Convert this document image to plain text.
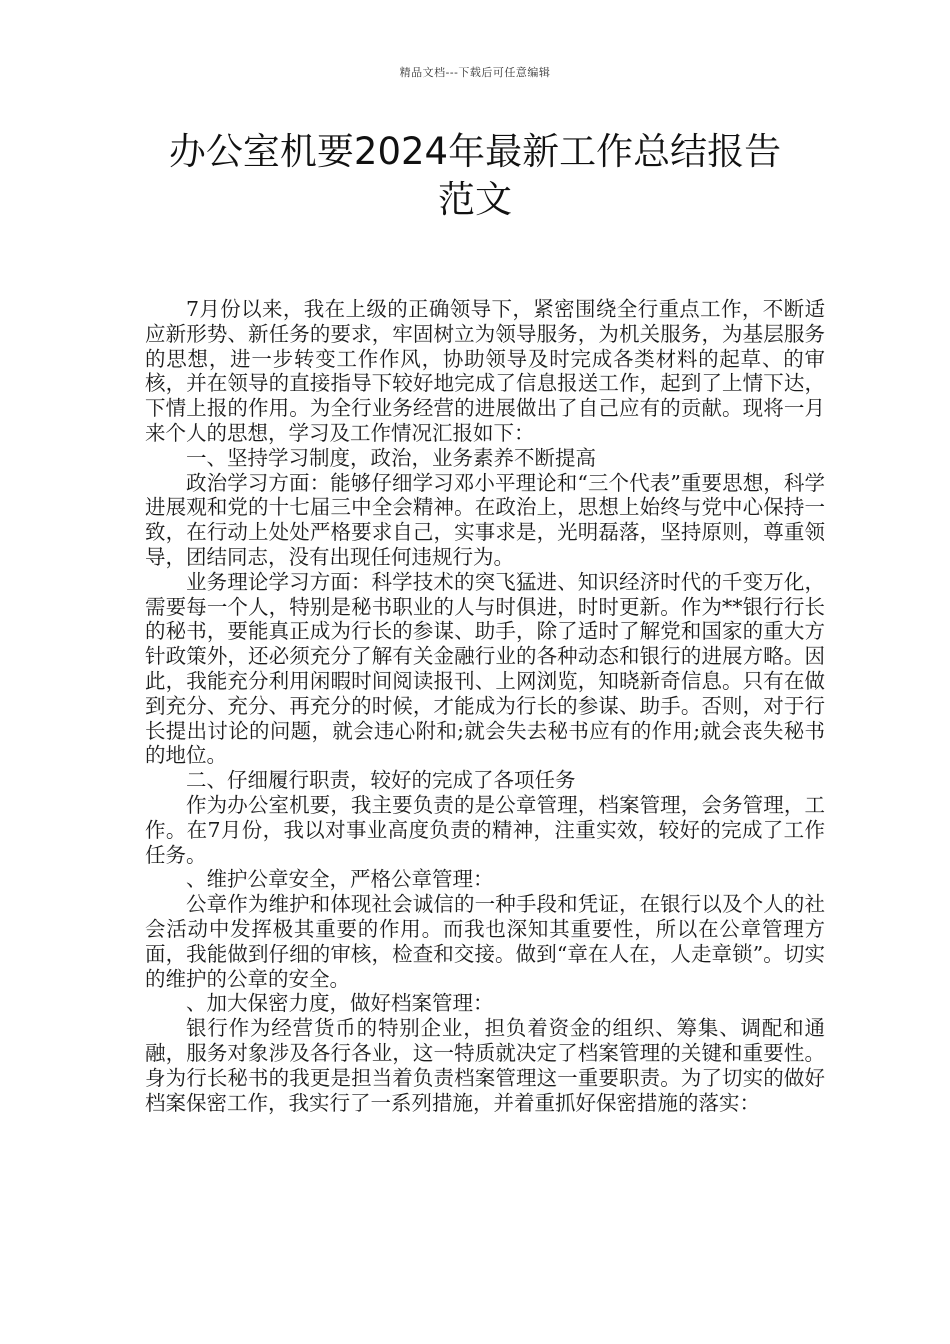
精品文档---下载后可任意编辑
办公室机要2024年最新工作总结报告
范文

7月份以来，我在上级的正确领导下，紧密围绕全行重点工作，不断适应新形势、新任务的要求，牢固树立为领导服务，为机关服务，为基层服务的思想，进一步转变工作作风，协助领导及时完成各类材料的起草、的审核，并在领导的直接指导下较好地完成了信息报送工作，起到了上情下达，下情上报的作用。为全行业务经营的进展做出了自己应有的贡献。现将一月来个人的思想，学习及工作情况汇报如下：

一、坚持学习制度，政治，业务素养不断提高

政治学习方面：能够仔细学习邓小平理论和“三个代表”重要思想，科学进展观和党的十七届三中全会精神。在政治上，思想上始终与党中心保持一致，在行动上处处严格要求自己，实事求是，光明磊落，坚持原则，尊重领导，团结同志，没有出现任何违规行为。

业务理论学习方面：科学技术的突飞猛进、知识经济时代的千变万化，需要每一个人，特别是秘书职业的人与时俱进，时时更新。作为**银行行长的秘书，要能真正成为行长的参谋、助手，除了适时了解党和国家的重大方针政策外，还必须充分了解有关金融行业的各种动态和银行的进展方略。因此，我能充分利用闲暇时间阅读报刊、上网浏览，知晓新奇信息。只有在做到充分、充分、再充分的时候，才能成为行长的参谋、助手。否则，对于行长提出讨论的问题，就会违心附和;就会失去秘书应有的作用;就会丧失秘书的地位。

二、仔细履行职责，较好的完成了各项任务

作为办公室机要，我主要负责的是公章管理，档案管理，会务管理，工作。在7月份，我以对事业高度负责的精神，注重实效，较好的完成了工作任务。

、维护公章安全，严格公章管理：

公章作为维护和体现社会诚信的一种手段和凭证，在银行以及个人的社会活动中发挥极其重要的作用。而我也深知其重要性，所以在公章管理方面，我能做到仔细的审核，检查和交接。做到“章在人在，人走章锁”。切实的维护的公章的安全。

、加大保密力度，做好档案管理：

银行作为经营货币的特别企业，担负着资金的组织、筹集、调配和通融，服务对象涉及各行各业，这一特质就决定了档案管理的关键和重要性。身为行长秘书的我更是担当着负责档案管理这一重要职责。为了切实的做好档案保密工作，我实行了一系列措施，并着重抓好保密措施的落实：
